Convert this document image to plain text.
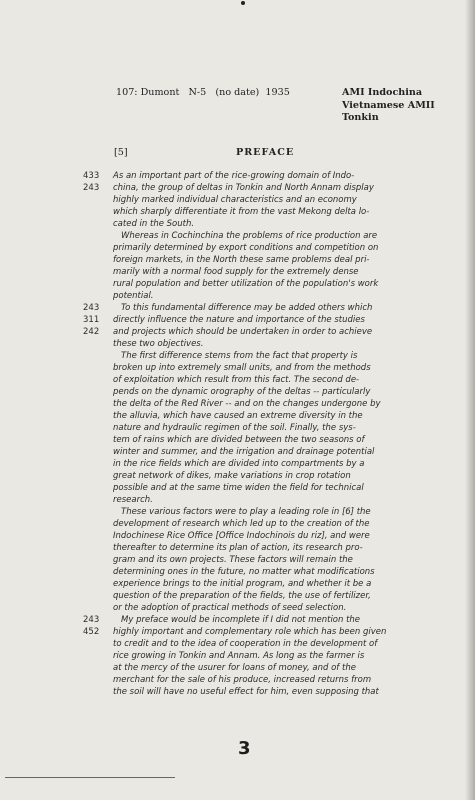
107: Dumont   N-5   (no date)  1935	AMI Indochina
Vietnamese AMII
Tonkin
[5]	PREFACE
433
243
243
311
242
243
452
As an important part of the rice-growing domain of Indo-
china, the group of deltas in Tonkin and North Annam display
highly marked individual characteristics and an economy
which sharply differentiate it from the vast Mekong delta lo-
cated in the South.
Whereas in Cochinchina the problems of rice production are
primarily determined by export conditions and competition on
foreign markets, in the North these same problems deal pri-
marily with a normal food supply for the extremely dense
rural population and better utilization of the population's work
potential.
To this fundamental difference may be added others which
directly influence the nature and importance of the studies
and projects which should be undertaken in order to achieve
these two objectives.
The first difference stems from the fact that property is
broken up into extremely small units, and from the methods
of exploitation which result from this fact. The second de-
pends on the dynamic orography of the deltas -- particularly
the delta of the Red River -- and on the changes undergone by
the alluvia, which have caused an extreme diversity in the
nature and hydraulic regimen of the soil. Finally, the sys-
tem of rains which are divided between the two seasons of
winter and summer, and the irrigation and drainage potential
in the rice fields which are divided into compartments by a
great network of dikes, make variations in crop rotation
possible and at the same time widen the field for technical
research.
These various factors were to play a leading role in [6] the
development of research which led up to the creation of the
Indochinese Rice Office [Office Indochinois du riz], and were
thereafter to determine its plan of action, its research pro-
gram and its own projects. These factors will remain the
determining ones in the future, no matter what modifications
experience brings to the initial program, and whether it be a
question of the preparation of the fields, the use of fertilizer,
or the adoption of practical methods of seed selection.
My preface would be incomplete if I did not mention the
highly important and complementary role which has been given
to credit and to the idea of cooperation in the development of
rice growing in Tonkin and Annam. As long as the farmer is
at the mercy of the usurer for loans of money, and of the
merchant for the sale of his produce, increased returns from
the soil will have no useful effect for him, even supposing that
3
